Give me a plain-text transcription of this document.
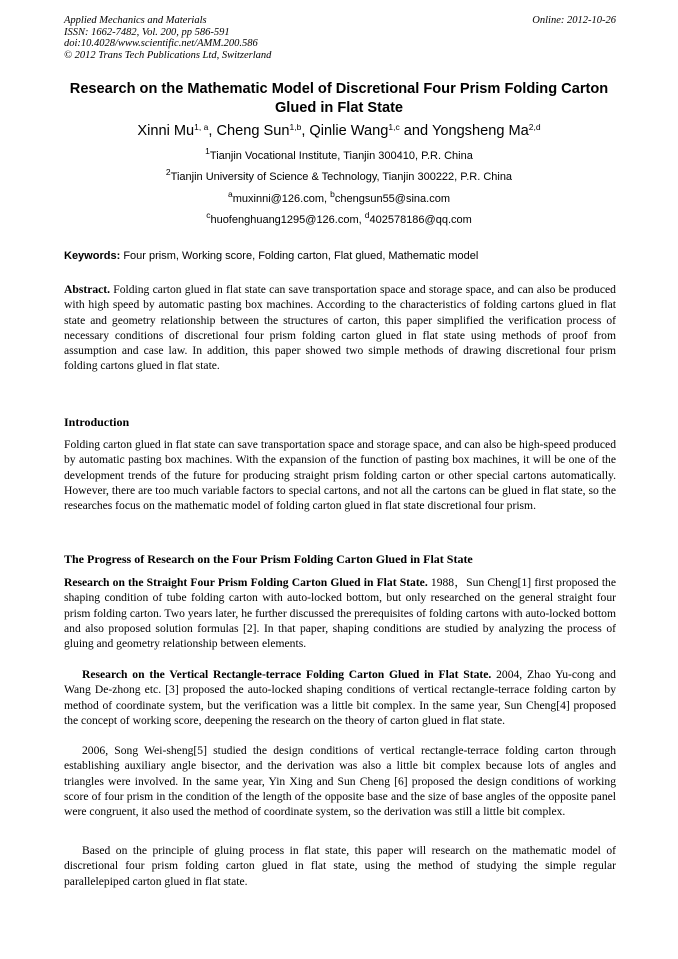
Applied Mechanics and Materials
ISSN: 1662-7482, Vol. 200, pp 586-591
doi:10.4028/www.scientific.net/AMM.200.586
© 2012 Trans Tech Publications Ltd, Switzerland
Online: 2012-10-26
Research on the Mathematic Model of Discretional Four Prism Folding Carton Glued in Flat State
Xinni Mu$^{1, a}$, Cheng Sun$^{1,b}$, Qinlie Wang$^{1,c}$ and Yongsheng Ma$^{2,d}$
$^1$Tianjin Vocational Institute, Tianjin 300410, P.R. China
$^2$Tianjin University of Science & Technology, Tianjin 300222, P.R. China
$^a$muxinni@126.com, $^b$chengsun55@sina.com
$^c$huofenghuang1295@126.com, $^d$402578186@qq.com
Keywords: Four prism, Working score, Folding carton, Flat glued, Mathematic model
Abstract. Folding carton glued in flat state can save transportation space and storage space, and can also be produced with high speed by automatic pasting box machines. According to the characteristics of folding cartons glued in flat state and geometry relationship between the structures of carton, this paper simplified the verification process of necessary conditions of discretional four prism folding carton glued in flat state using methods of proof from assumption and case law. In addition, this paper showed two simple methods of drawing discretional four prism folding cartons glued in flat state.
Introduction
Folding carton glued in flat state can save transportation space and storage space, and can also be high-speed produced by automatic pasting box machines. With the expansion of the function of pasting box machines, it will be one of the development trends of the future for producing straight prism folding carton or other special cartons automatically. However, there are too much variable factors to special cartons, and not all the cartons can be glued in flat state, so the researches focus on the mathematic model of folding carton glued in flat state discretional four prism.
The Progress of Research on the Four Prism Folding Carton Glued in Flat State
Research on the Straight Four Prism Folding Carton Glued in Flat State. 1988，Sun Cheng[1] first proposed the shaping condition of tube folding carton with auto-locked bottom, but only researched on the general straight four prism folding carton. Two years later, he further discussed the prerequisites of folding cartons with auto-locked bottom and also proposed solution formulas [2]. In that paper, shaping conditions are studied by analyzing the process of gluing and geometry relationship between elements.
Research on the Vertical Rectangle-terrace Folding Carton Glued in Flat State. 2004, Zhao Yu-cong and Wang De-zhong etc. [3] proposed the auto-locked shaping conditions of vertical rectangle-terrace folding carton by method of coordinate system, but the verification was a little bit complex. In the same year, Sun Cheng[4] proposed the concept of working score, deepening the research on the theory of carton glued in flat state.
2006, Song Wei-sheng[5] studied the design conditions of vertical rectangle-terrace folding carton through establishing auxiliary angle bisector, and the derivation was also a little bit complex because lots of angles and triangles were involved. In the same year, Yin Xing and Sun Cheng [6] proposed the design conditions of working score of four prism in the condition of the length of the opposite base and the size of base angles of the opposite panel were congruent, it also used the method of coordinate system, so the derivation was still a little bit complex.
Based on the principle of gluing process in flat state, this paper will research on the mathematic model of discretional four prism folding carton glued in flat state, using the method of studying the simple regular parallelepiped carton glued in flat state.
